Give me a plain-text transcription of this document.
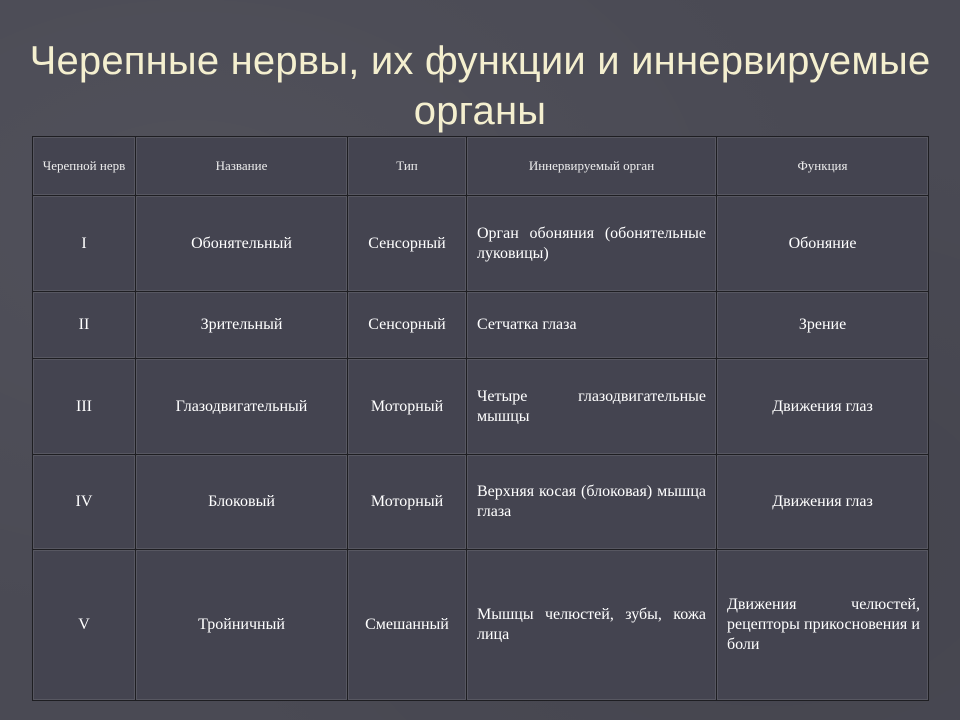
Черепные нервы, их функции и иннервируемые
органы
Черепной нерв	Название	Тип	Иннервируемый орган	Функция
I	Обонятельный	Сенсорный	Орган обоняния (обонятельные луковицы)	Обоняние
II	Зрительный	Сенсорный	Сетчатка глаза	Зрение
III	Глазодвигательный	Моторный	Четыре глазодвигательные мышцы	Движения глаз
IV	Блоковый	Моторный	Верхняя косая (блоковая) мышца глаза	Движения глаз
V	Тройничный	Смешанный	Мышцы челюстей, зубы, кожа лица	Движения челюстей, рецепторы прикосновения и боли
